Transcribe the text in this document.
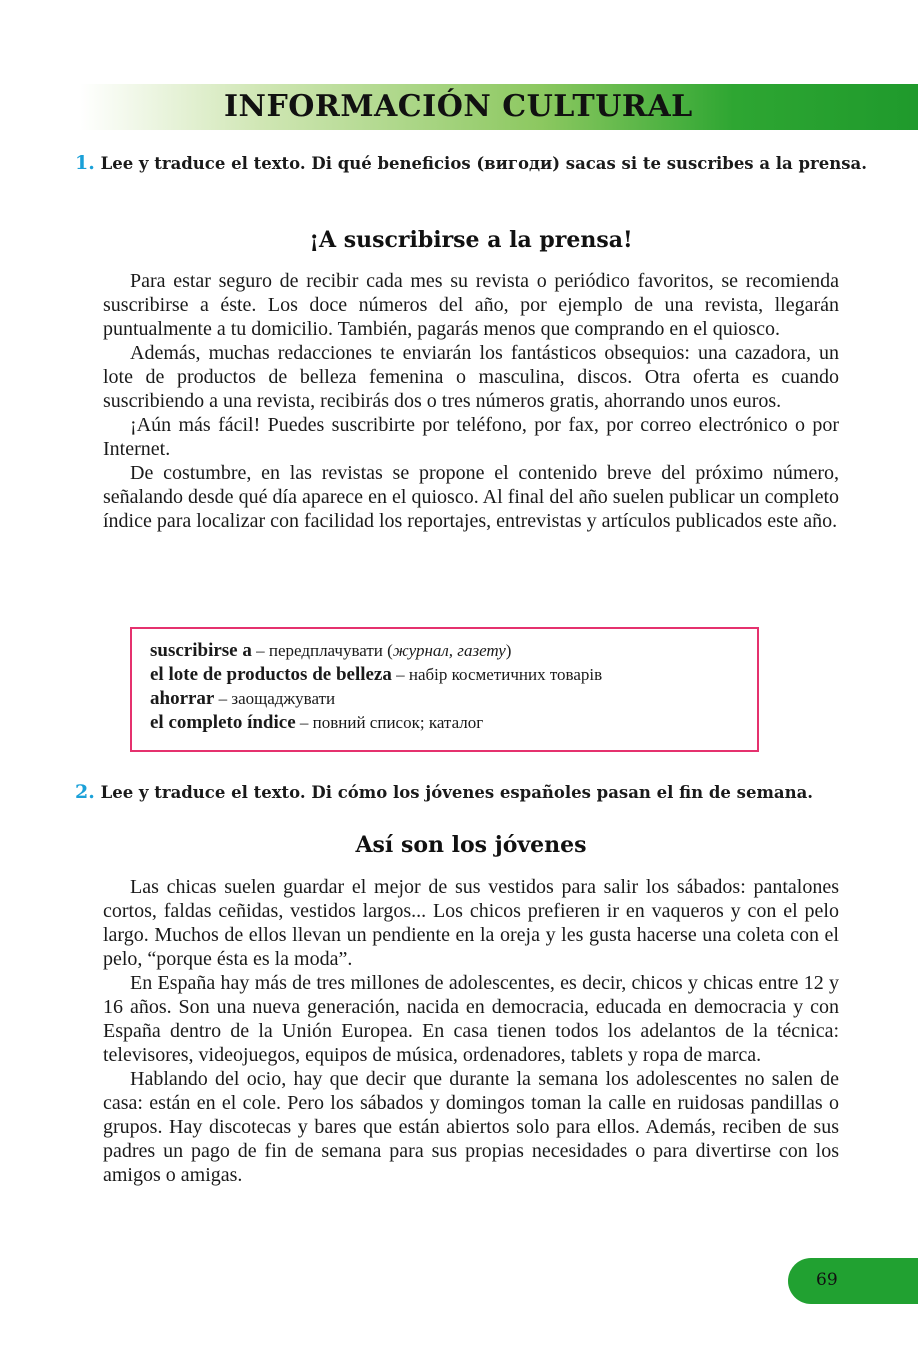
INFORMACIÓN CULTURAL
1. Lee y traduce el texto. Di qué beneficios (вигоди) sacas si te suscribes a la prensa.
¡A suscribirse a la prensa!

Para estar seguro de recibir cada mes su revista o periódico favoritos, se recomienda suscribirse a éste. Los doce números del año, por ejemplo de una revista, llegarán puntualmente a tu domicilio. También, pagarás menos que comprando en el quiosco.

Además, muchas redacciones te enviarán los fantásticos obsequios: una cazadora, un lote de productos de belleza femenina o masculina, discos. Otra oferta es cuando suscribiendo a una revista, recibirás dos o tres números gratis, ahorrando unos euros.

¡Aún más fácil! Puedes suscribirte por teléfono, por fax, por correo electrónico o por Internet.

De costumbre, en las revistas se propone el contenido breve del próximo número, señalando desde qué día aparece en el quiosco. Al final del año suelen publicar un completo índice para localizar con facilidad los reportajes, entrevistas y artículos publicados este año.

suscribirse a – передплачувати (журнал, газету)
el lote de productos de belleza – набір косметичних товарів
ahorrar – заощаджувати
el completo índice – повний список; каталог
2. Lee y traduce el texto. Di cómo los jóvenes españoles pasan el fin de semana.
Así son los jóvenes

Las chicas suelen guardar el mejor de sus vestidos para salir los sábados: pantalones cortos, faldas ceñidas, vestidos largos... Los chicos prefieren ir en vaqueros y con el pelo largo. Muchos de ellos llevan un pendiente en la oreja y les gusta hacerse una coleta con el pelo, “porque ésta es la moda”.

En España hay más de tres millones de adolescentes, es decir, chicos y chicas entre 12 y 16 años. Son una nueva generación, nacida en democracia, educada en democracia y con España dentro de la Unión Europea. En casa tienen todos los adelantos de la técnica: televisores, videojuegos, equipos de música, ordenadores, tablets y ropa de marca.

Hablando del ocio, hay que decir que durante la semana los adolescentes no salen de casa: están en el cole. Pero los sábados y domingos toman la calle en ruidosas pandillas o grupos. Hay discotecas y bares que están abiertos solo para ellos. Además, reciben de sus padres un pago de fin de semana para sus propias necesidades o para divertirse con los amigos o amigas.

69
